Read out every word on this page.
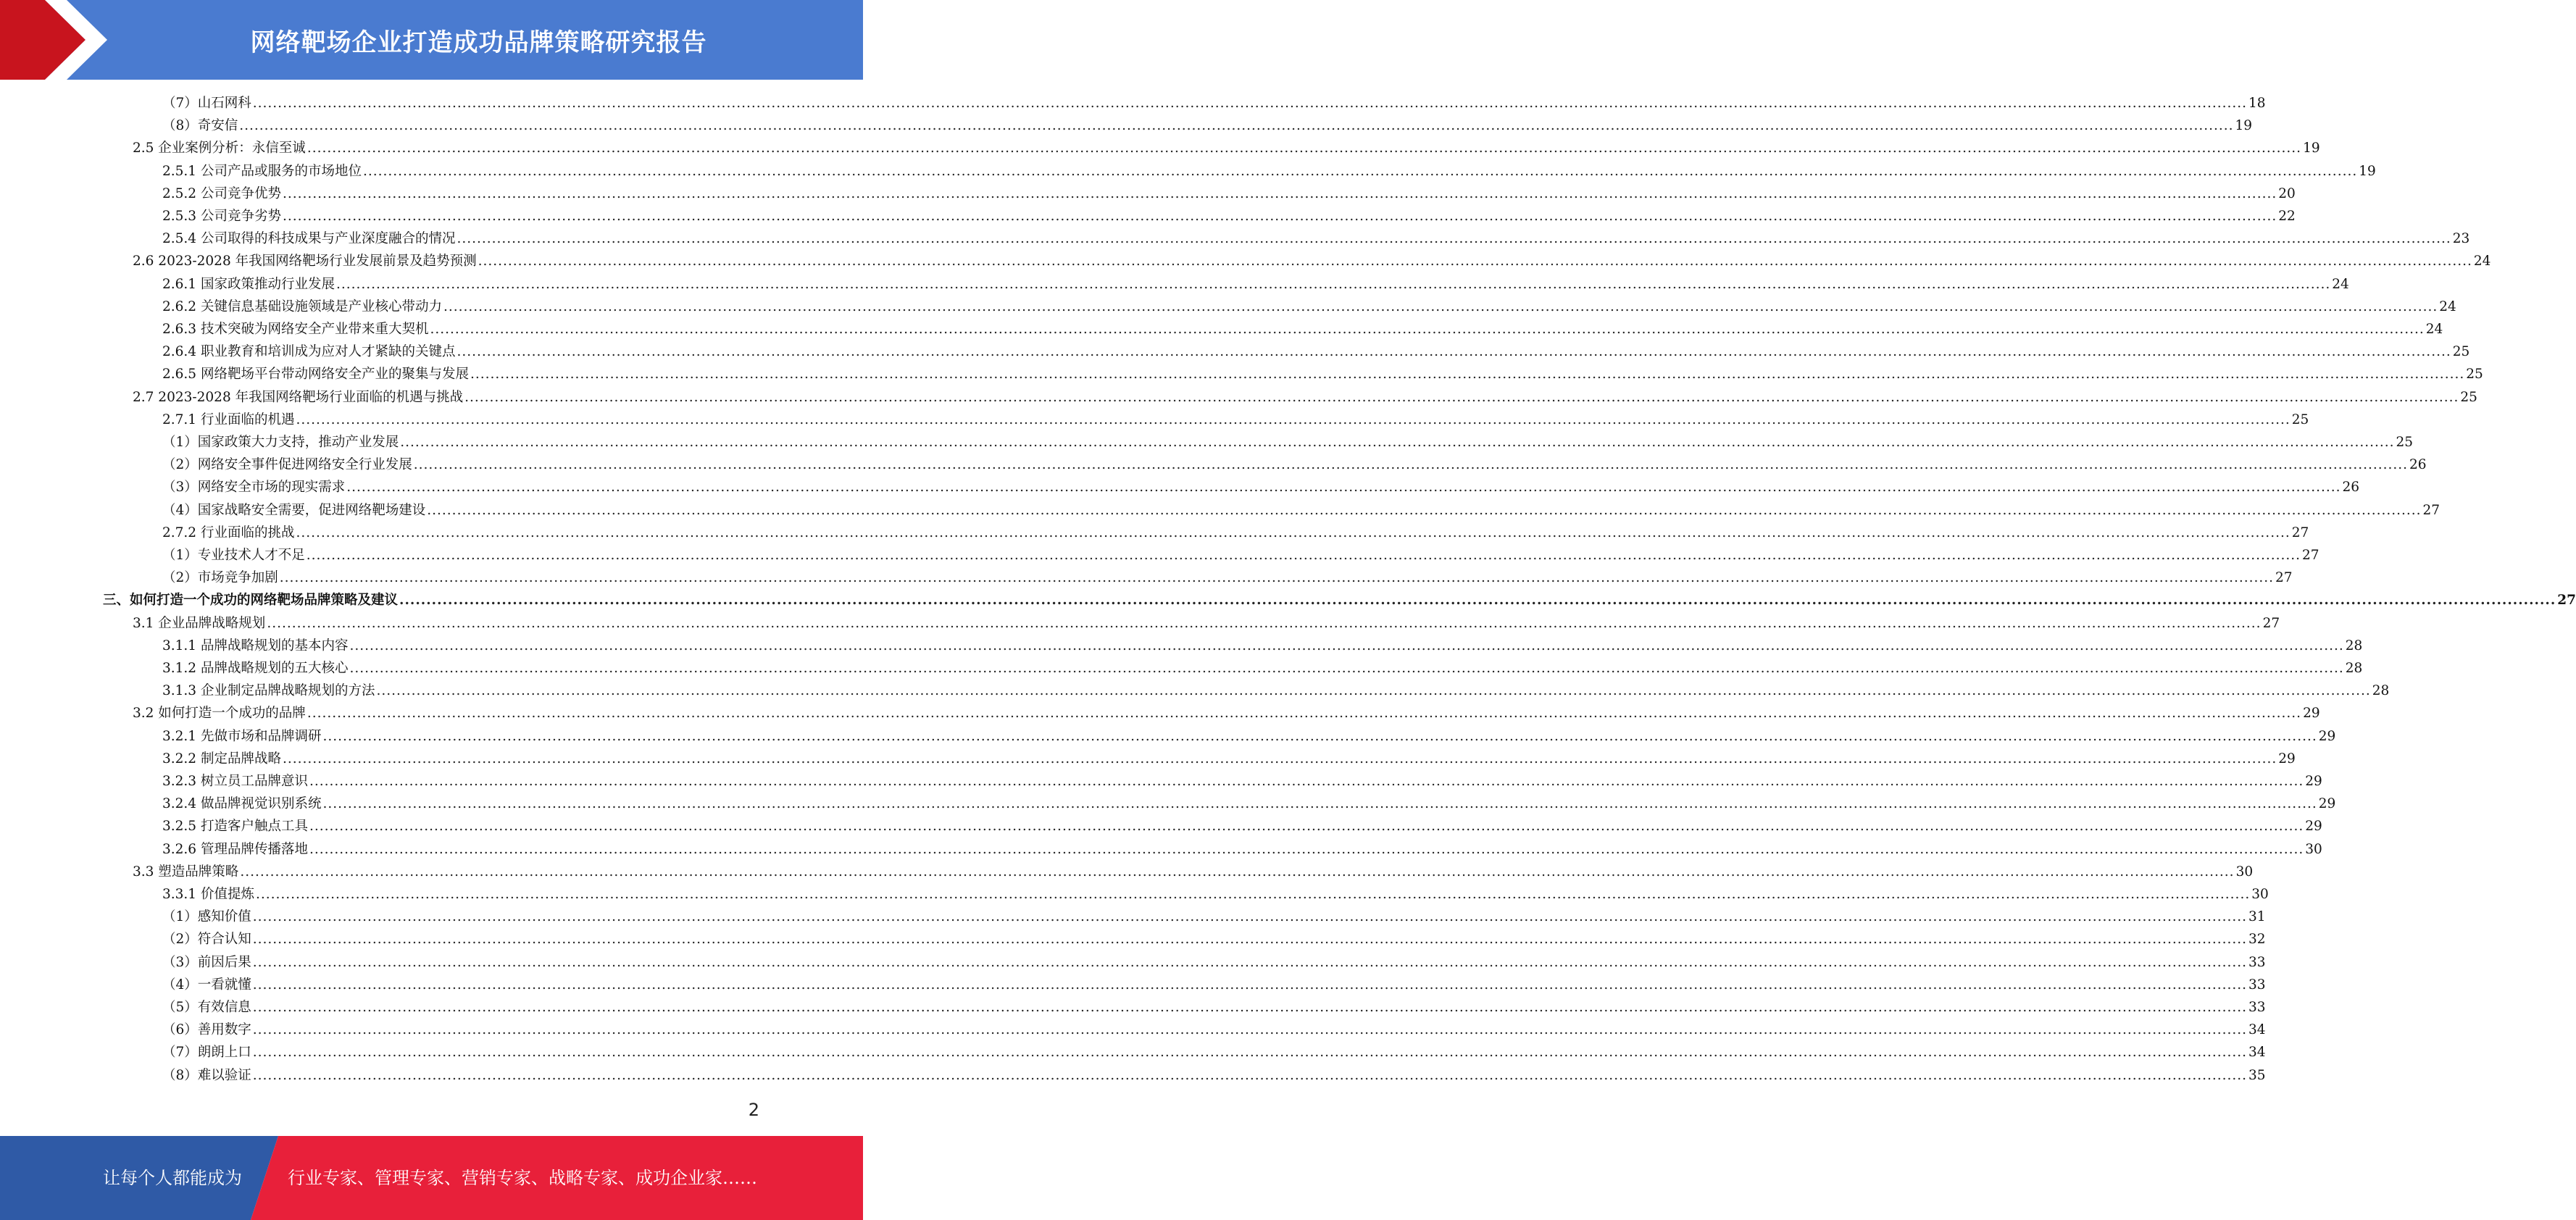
网络靶场企业打造成功品牌策略研究报告
（7）山石网科 ................................................................................................................................................................................................................................................................................................................................................................................................................ 18
（8）奇安信 ................................................................................................................................................................................................................................................................................................................................................................................................................ 19
2.5 企业案例分析：永信至诚 ................................................................................................................................................................................................................................................................................................................................................................................................................ 19
2.5.1 公司产品或服务的市场地位 ................................................................................................................................................................................................................................................................................................................................................................................................................ 19
2.5.2 公司竞争优势 ................................................................................................................................................................................................................................................................................................................................................................................................................ 20
2.5.3 公司竞争劣势 ................................................................................................................................................................................................................................................................................................................................................................................................................ 22
2.5.4 公司取得的科技成果与产业深度融合的情况 ................................................................................................................................................................................................................................................................................................................................................................................................................ 23
2.6 2023-2028 年我国网络靶场行业发展前景及趋势预测 ................................................................................................................................................................................................................................................................................................................................................................................................................ 24
2.6.1 国家政策推动行业发展 ................................................................................................................................................................................................................................................................................................................................................................................................................ 24
2.6.2 关键信息基础设施领域是产业核心带动力 ................................................................................................................................................................................................................................................................................................................................................................................................................ 24
2.6.3 技术突破为网络安全产业带来重大契机 ................................................................................................................................................................................................................................................................................................................................................................................................................ 24
2.6.4 职业教育和培训成为应对人才紧缺的关键点 ................................................................................................................................................................................................................................................................................................................................................................................................................ 25
2.6.5 网络靶场平台带动网络安全产业的聚集与发展 ................................................................................................................................................................................................................................................................................................................................................................................................................ 25
2.7 2023-2028 年我国网络靶场行业面临的机遇与挑战 ................................................................................................................................................................................................................................................................................................................................................................................................................ 25
2.7.1 行业面临的机遇 ................................................................................................................................................................................................................................................................................................................................................................................................................ 25
（1）国家政策大力支持，推动产业发展 ................................................................................................................................................................................................................................................................................................................................................................................................................ 25
（2）网络安全事件促进网络安全行业发展 ................................................................................................................................................................................................................................................................................................................................................................................................................ 26
（3）网络安全市场的现实需求 ................................................................................................................................................................................................................................................................................................................................................................................................................ 26
（4）国家战略安全需要，促进网络靶场建设 ................................................................................................................................................................................................................................................................................................................................................................................................................ 27
2.7.2 行业面临的挑战 ................................................................................................................................................................................................................................................................................................................................................................................................................ 27
（1）专业技术人才不足 ................................................................................................................................................................................................................................................................................................................................................................................................................ 27
（2）市场竞争加剧 ................................................................................................................................................................................................................................................................................................................................................................................................................ 27
三、如何打造一个成功的网络靶场品牌策略及建议 ................................................................................................................................................................................................................................................................................................................................................................................................................ 27
3.1 企业品牌战略规划 ................................................................................................................................................................................................................................................................................................................................................................................................................ 27
3.1.1 品牌战略规划的基本内容 ................................................................................................................................................................................................................................................................................................................................................................................................................ 28
3.1.2 品牌战略规划的五大核心 ................................................................................................................................................................................................................................................................................................................................................................................................................ 28
3.1.3 企业制定品牌战略规划的方法 ................................................................................................................................................................................................................................................................................................................................................................................................................ 28
3.2 如何打造一个成功的品牌 ................................................................................................................................................................................................................................................................................................................................................................................................................ 29
3.2.1 先做市场和品牌调研 ................................................................................................................................................................................................................................................................................................................................................................................................................ 29
3.2.2 制定品牌战略 ................................................................................................................................................................................................................................................................................................................................................................................................................ 29
3.2.3 树立员工品牌意识 ................................................................................................................................................................................................................................................................................................................................................................................................................ 29
3.2.4 做品牌视觉识别系统 ................................................................................................................................................................................................................................................................................................................................................................................................................ 29
3.2.5 打造客户触点工具 ................................................................................................................................................................................................................................................................................................................................................................................................................ 29
3.2.6 管理品牌传播落地 ................................................................................................................................................................................................................................................................................................................................................................................................................ 30
3.3 塑造品牌策略 ................................................................................................................................................................................................................................................................................................................................................................................................................ 30
3.3.1 价值提炼 ................................................................................................................................................................................................................................................................................................................................................................................................................ 30
（1）感知价值 ................................................................................................................................................................................................................................................................................................................................................................................................................ 31
（2）符合认知 ................................................................................................................................................................................................................................................................................................................................................................................................................ 32
（3）前因后果 ................................................................................................................................................................................................................................................................................................................................................................................................................ 33
（4）一看就懂 ................................................................................................................................................................................................................................................................................................................................................................................................................ 33
（5）有效信息 ................................................................................................................................................................................................................................................................................................................................................................................................................ 33
（6）善用数字 ................................................................................................................................................................................................................................................................................................................................................................................................................ 34
（7）朗朗上口 ................................................................................................................................................................................................................................................................................................................................................................................................................ 34
（8）难以验证 ................................................................................................................................................................................................................................................................................................................................................................................................................ 35
2
让每个人都能成为	行业专家、管理专家、营销专家、战略专家、成功企业家……
